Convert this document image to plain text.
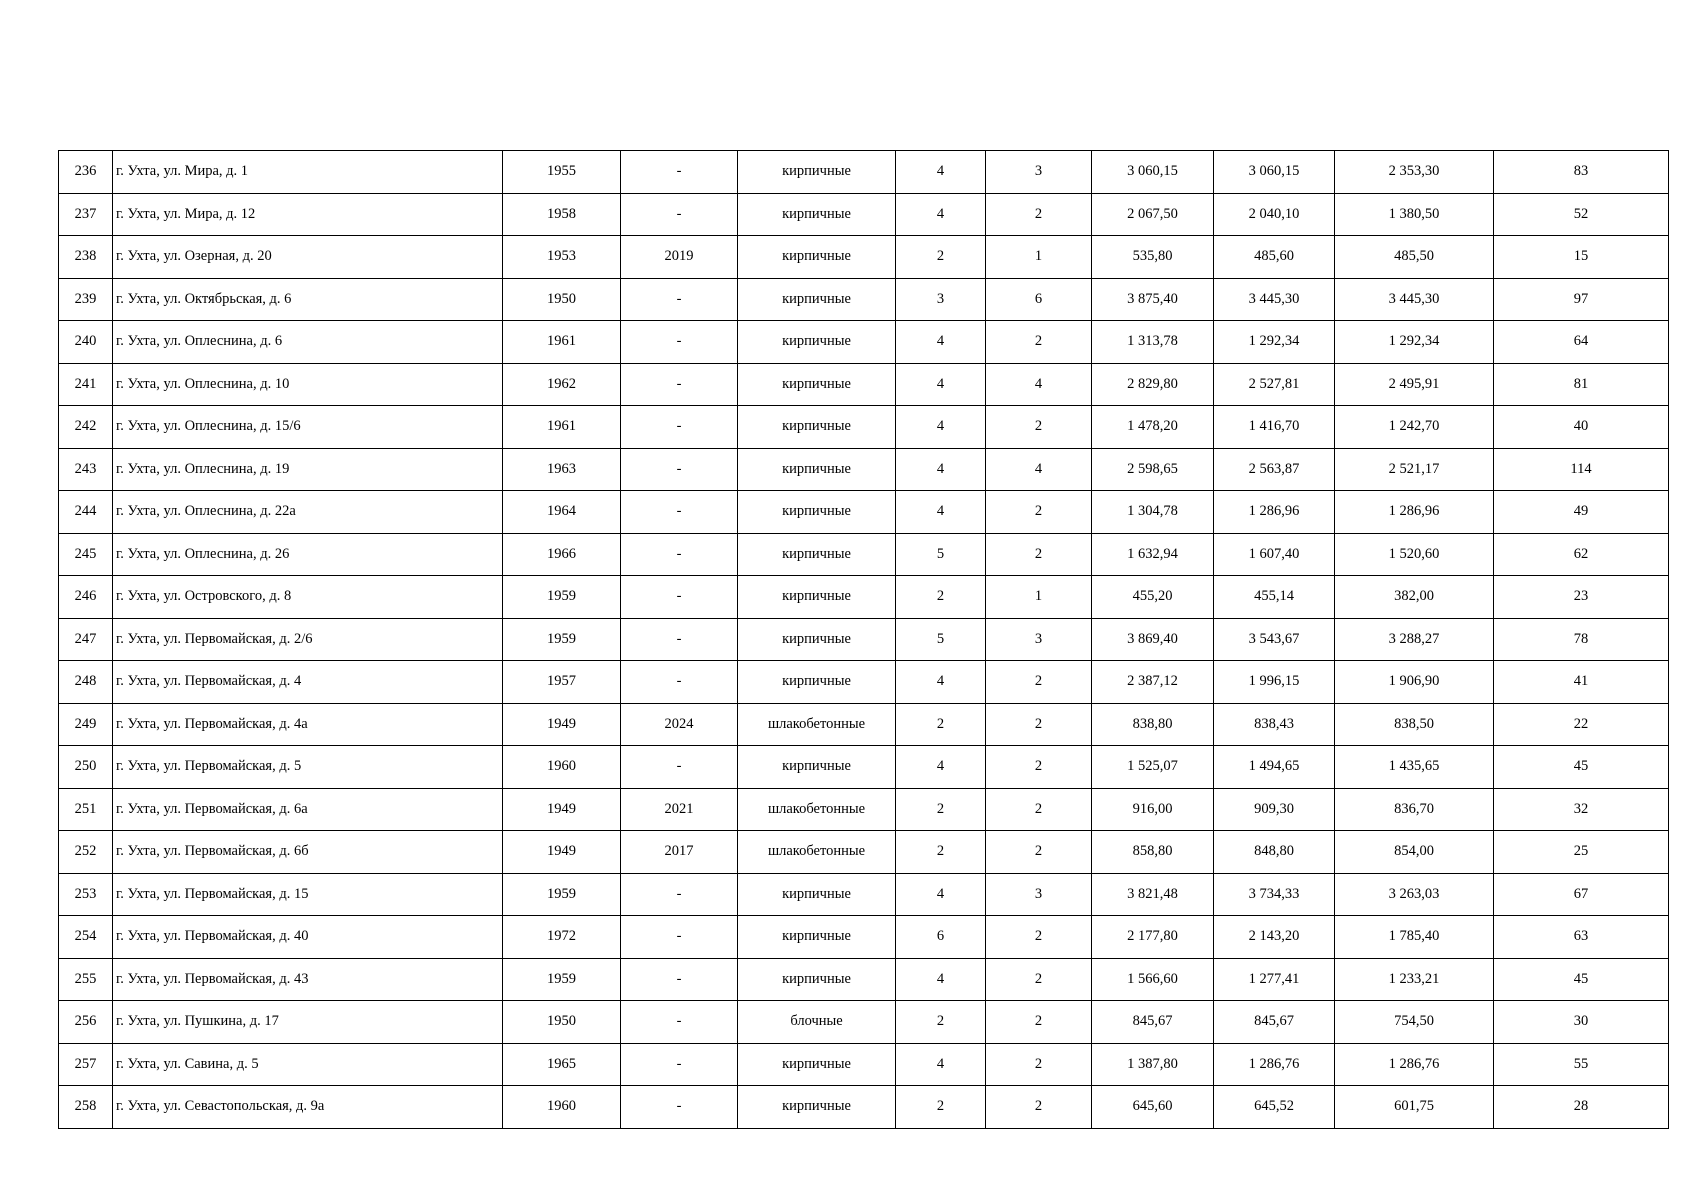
236	г. Ухта, ул. Мира, д. 1	1955	-	кирпичные	4	3	3 060,15	3 060,15	2 353,30	83
237	г. Ухта, ул. Мира, д. 12	1958	-	кирпичные	4	2	2 067,50	2 040,10	1 380,50	52
238	г. Ухта, ул. Озерная, д. 20	1953	2019	кирпичные	2	1	535,80	485,60	485,50	15
239	г. Ухта, ул. Октябрьская, д. 6	1950	-	кирпичные	3	6	3 875,40	3 445,30	3 445,30	97
240	г. Ухта, ул. Оплеснина, д. 6	1961	-	кирпичные	4	2	1 313,78	1 292,34	1 292,34	64
241	г. Ухта, ул. Оплеснина, д. 10	1962	-	кирпичные	4	4	2 829,80	2 527,81	2 495,91	81
242	г. Ухта, ул. Оплеснина, д. 15/6	1961	-	кирпичные	4	2	1 478,20	1 416,70	1 242,70	40
243	г. Ухта, ул. Оплеснина, д. 19	1963	-	кирпичные	4	4	2 598,65	2 563,87	2 521,17	114
244	г. Ухта, ул. Оплеснина, д. 22а	1964	-	кирпичные	4	2	1 304,78	1 286,96	1 286,96	49
245	г. Ухта, ул. Оплеснина, д. 26	1966	-	кирпичные	5	2	1 632,94	1 607,40	1 520,60	62
246	г. Ухта, ул. Островского, д. 8	1959	-	кирпичные	2	1	455,20	455,14	382,00	23
247	г. Ухта, ул. Первомайская, д. 2/6	1959	-	кирпичные	5	3	3 869,40	3 543,67	3 288,27	78
248	г. Ухта, ул. Первомайская, д. 4	1957	-	кирпичные	4	2	2 387,12	1 996,15	1 906,90	41
249	г. Ухта, ул. Первомайская, д. 4а	1949	2024	шлакобетонные	2	2	838,80	838,43	838,50	22
250	г. Ухта, ул. Первомайская, д. 5	1960	-	кирпичные	4	2	1 525,07	1 494,65	1 435,65	45
251	г. Ухта, ул. Первомайская, д. 6а	1949	2021	шлакобетонные	2	2	916,00	909,30	836,70	32
252	г. Ухта, ул. Первомайская, д. 6б	1949	2017	шлакобетонные	2	2	858,80	848,80	854,00	25
253	г. Ухта, ул. Первомайская, д. 15	1959	-	кирпичные	4	3	3 821,48	3 734,33	3 263,03	67
254	г. Ухта, ул. Первомайская, д. 40	1972	-	кирпичные	6	2	2 177,80	2 143,20	1 785,40	63
255	г. Ухта, ул. Первомайская, д. 43	1959	-	кирпичные	4	2	1 566,60	1 277,41	1 233,21	45
256	г. Ухта, ул. Пушкина, д. 17	1950	-	блочные	2	2	845,67	845,67	754,50	30
257	г. Ухта, ул. Савина, д. 5	1965	-	кирпичные	4	2	1 387,80	1 286,76	1 286,76	55
258	г. Ухта, ул. Севастопольская, д. 9а	1960	-	кирпичные	2	2	645,60	645,52	601,75	28
